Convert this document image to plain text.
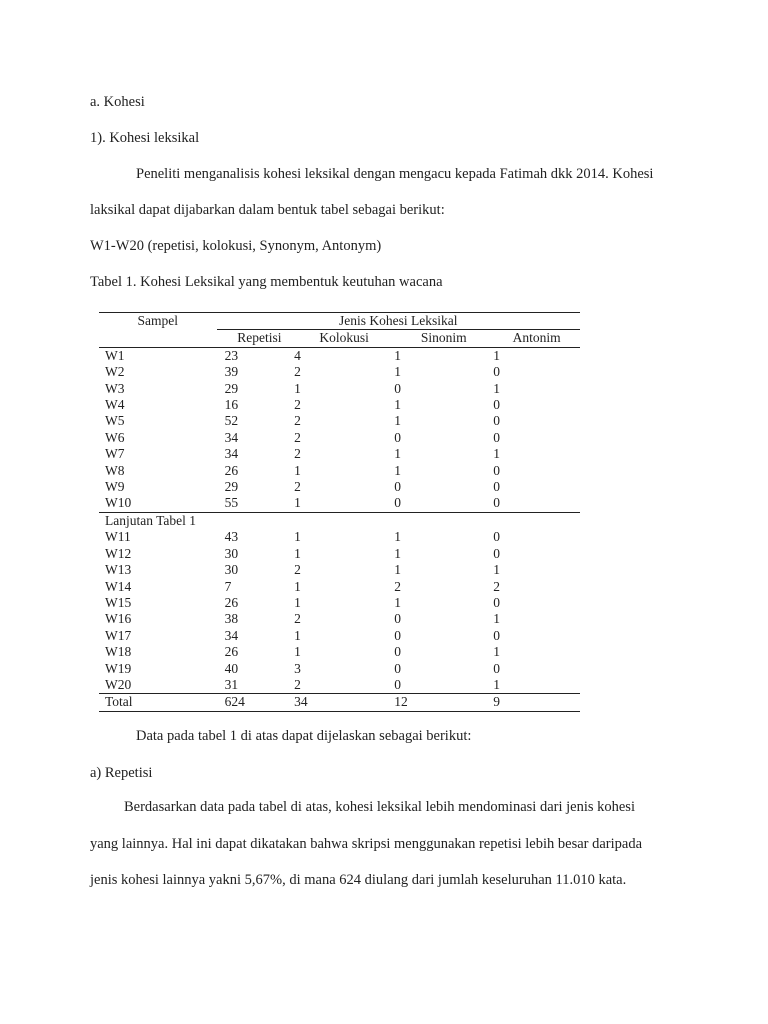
a. Kohesi
1). Kohesi leksikal
Peneliti menganalisis kohesi leksikal dengan mengacu kepada Fatimah dkk 2014. Kohesi
laksikal dapat dijabarkan dalam bentuk tabel sebagai berikut:
W1-W20 (repetisi, kolokusi, Synonym, Antonym)
Tabel 1. Kohesi Leksikal yang membentuk keutuhan wacana
Sampel	Jenis Kohesi Leksikal			
	Repetisi	Kolokusi	Sinonim	Antonim
W1	23	4	1	1
W2	39	2	1	0
W3	29	1	0	1
W4	16	2	1	0
W5	52	2	1	0
W6	34	2	0	0
W7	34	2	1	1
W8	26	1	1	0
W9	29	2	0	0
W10	55	1	0	0
Lanjutan Tabel 1				
W11	43	1	1	0
W12	30	1	1	0
W13	30	2	1	1
W14	7	1	2	2
W15	26	1	1	0
W16	38	2	0	1
W17	34	1	0	0
W18	26	1	0	1
W19	40	3	0	0
W20	31	2	0	1
Total	624	34	12	9
Data pada tabel 1 di atas dapat dijelaskan sebagai berikut:
a) Repetisi
Berdasarkan data pada tabel di atas, kohesi leksikal lebih mendominasi dari jenis kohesi
yang lainnya. Hal ini dapat dikatakan bahwa skripsi menggunakan repetisi lebih besar daripada
jenis kohesi lainnya yakni 5,67%, di mana 624 diulang dari jumlah keseluruhan 11.010 kata.
